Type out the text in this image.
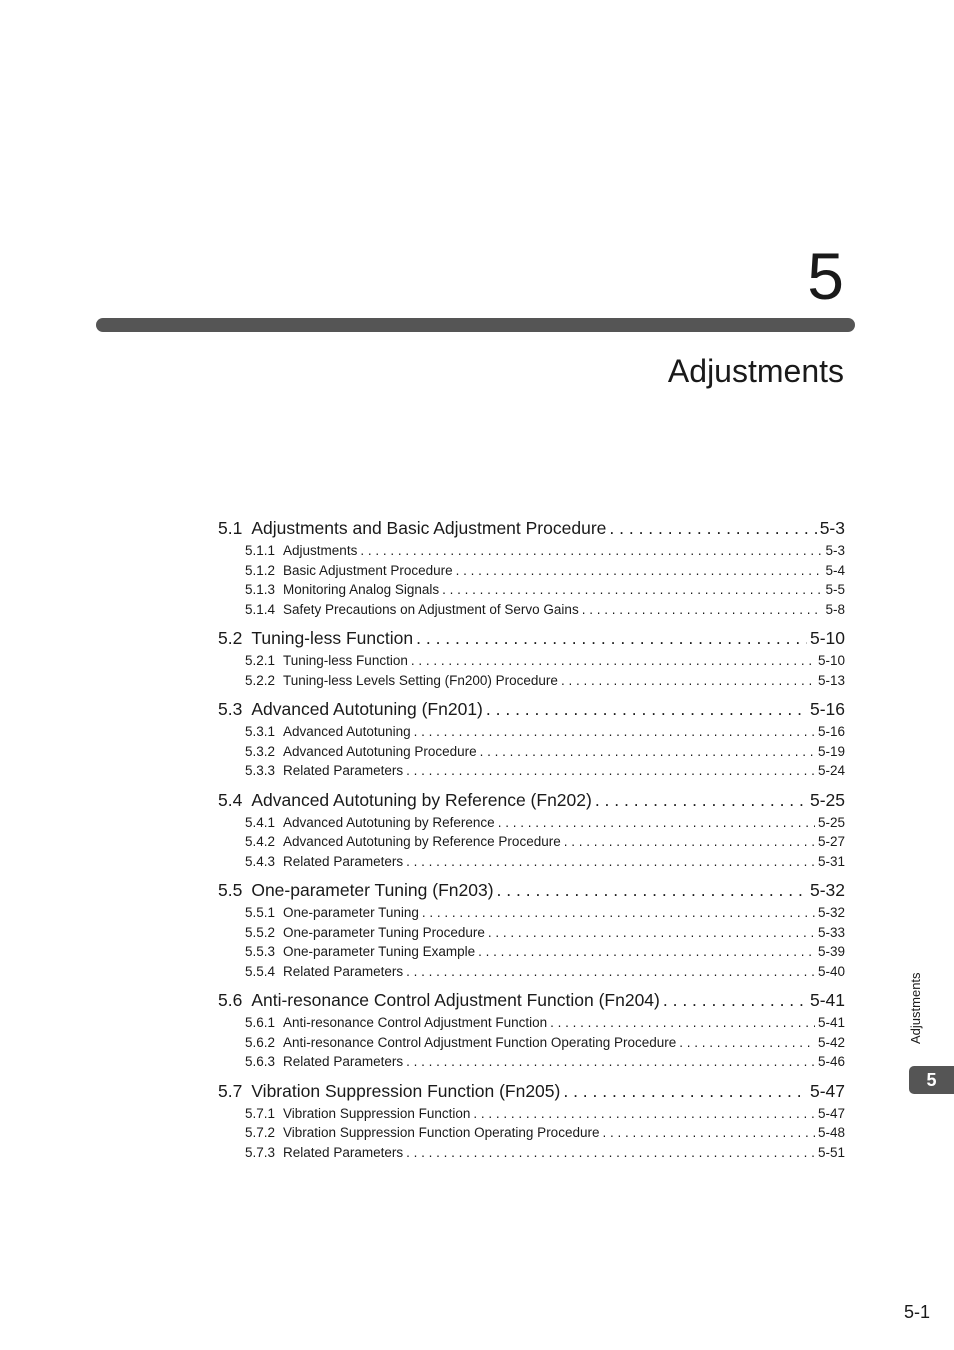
5
Adjustments
5.1 Adjustments and Basic Adjustment Procedure . . .	5-3
5.1.1 Adjustments . . .	5-3
5.1.2 Basic Adjustment Procedure . . .	5-4
5.1.3 Monitoring Analog Signals . . .	5-5
5.1.4 Safety Precautions on Adjustment of Servo Gains . . .	5-8
5.2 Tuning-less Function . . .	5-10
5.2.1 Tuning-less Function . . .	5-10
5.2.2 Tuning-less Levels Setting (Fn200) Procedure . . .	5-13
5.3 Advanced Autotuning (Fn201) . . .	5-16
5.3.1 Advanced Autotuning . . .	5-16
5.3.2 Advanced Autotuning Procedure . . .	5-19
5.3.3 Related Parameters . . .	5-24
5.4 Advanced Autotuning by Reference (Fn202) . . .	5-25
5.4.1 Advanced Autotuning by Reference . . .	5-25
5.4.2 Advanced Autotuning by Reference Procedure . . .	5-27
5.4.3 Related Parameters . . .	5-31
5.5 One-parameter Tuning (Fn203) . . .	5-32
5.5.1 One-parameter Tuning . . .	5-32
5.5.2 One-parameter Tuning Procedure . . .	5-33
5.5.3 One-parameter Tuning Example . . .	5-39
5.5.4 Related Parameters . . .	5-40
5.6 Anti-resonance Control Adjustment Function (Fn204) . . .	5-41
5.6.1 Anti-resonance Control Adjustment Function . . .	5-41
5.6.2 Anti-resonance Control Adjustment Function Operating Procedure . . .	5-42
5.6.3 Related Parameters . . .	5-46
5.7 Vibration Suppression Function (Fn205) . . .	5-47
5.7.1 Vibration Suppression Function . . .	5-47
5.7.2 Vibration Suppression Function Operating Procedure . . .	5-48
5.7.3 Related Parameters . . .	5-51
Adjustments
5
5-1
